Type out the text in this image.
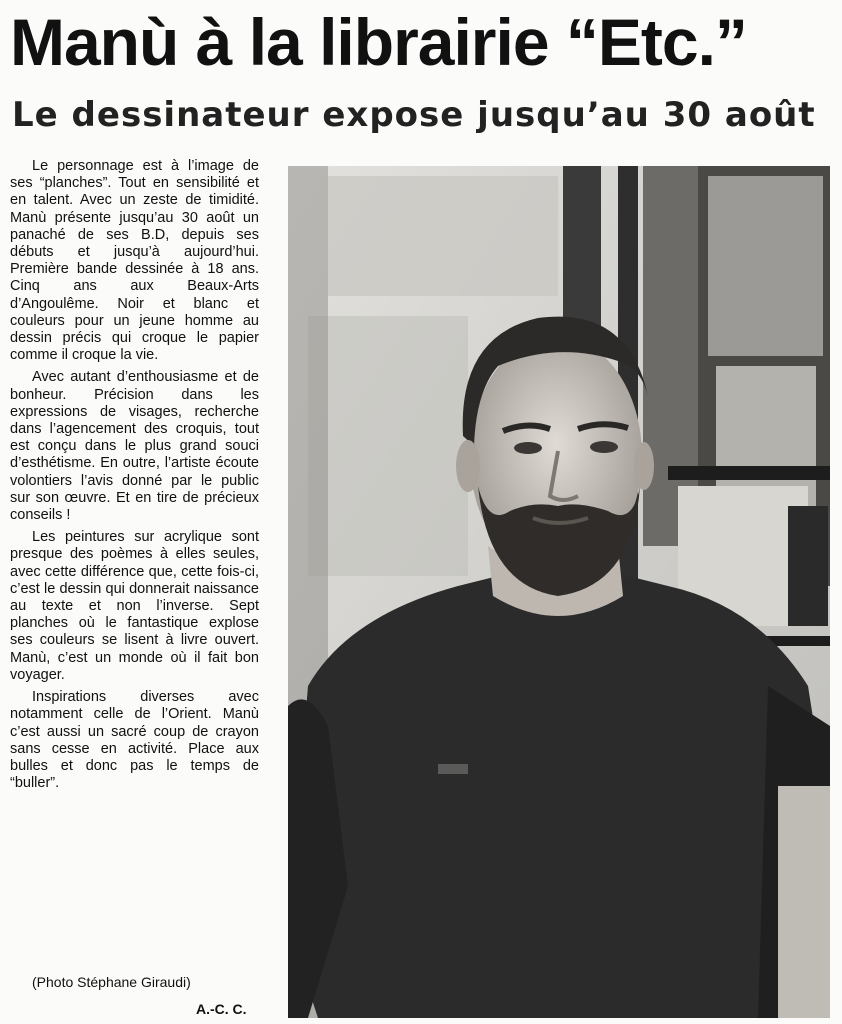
Manù à la librairie “Etc.”
Le dessinateur expose jusqu’au 30 août

Le personnage est à l’image de ses “planches”. Tout en sensibilité et en talent. Avec un zeste de timidité. Manù présente jusqu’au 30 août un panaché de ses B.D, depuis ses débuts et jusqu’à aujourd’hui. Première bande dessinée à 18 ans. Cinq ans aux Beaux-Arts d’Angoulême. Noir et blanc et couleurs pour un jeune homme au dessin précis qui croque le papier comme il croque la vie.

Avec autant d’enthousiasme et de bonheur. Précision dans les expressions de visages, recherche dans l’agencement des croquis, tout est conçu dans le plus grand souci d’esthétisme. En outre, l’artiste écoute volontiers l’avis donné par le public sur son œuvre. Et en tire de précieux conseils !

Les peintures sur acrylique sont presque des poèmes à elles seules, avec cette différence que, cette fois-ci, c’est le dessin qui donnerait naissance au texte et non l’inverse. Sept planches où le fantastique explose ses couleurs se lisent à livre ouvert. Manù, c’est un monde où il fait bon voyager.

Inspirations diverses avec notamment celle de l’Orient. Manù c’est aussi un sacré coup de crayon sans cesse en activité. Place aux bulles et donc pas le temps de “buller”.

(Photo Stéphane Giraudi)
A.-C. C.
